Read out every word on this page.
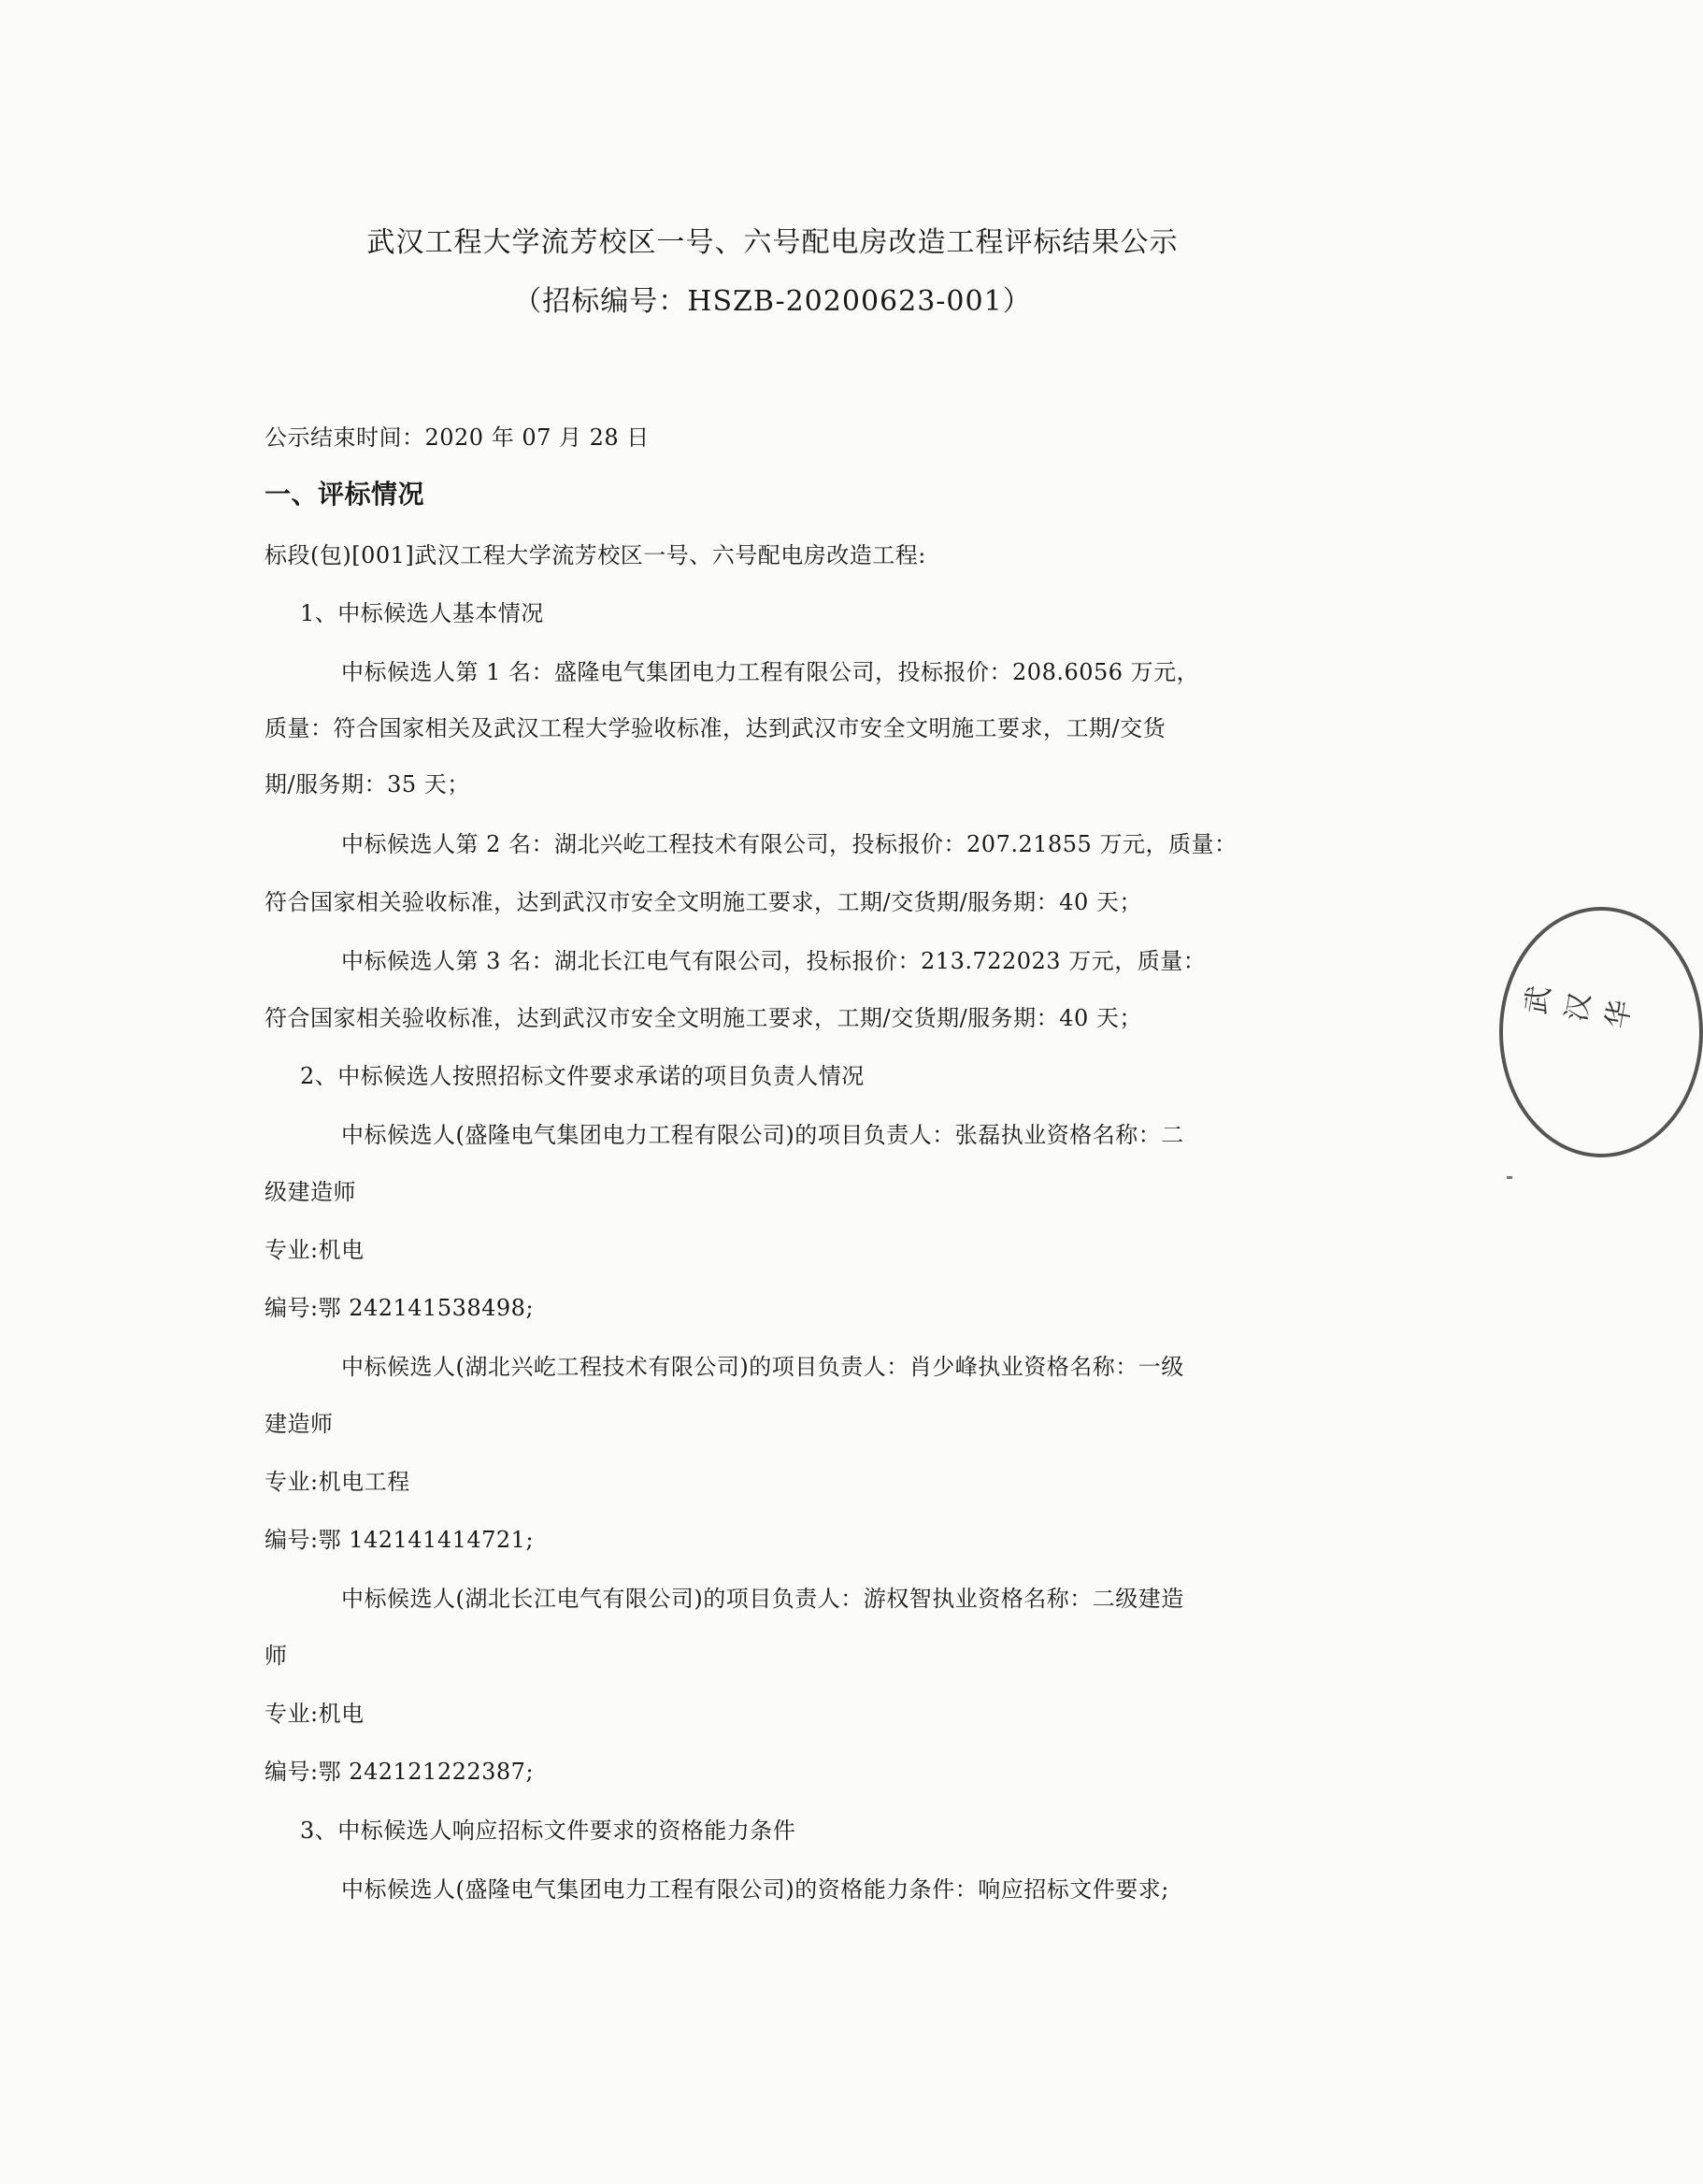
武汉工程大学流芳校区一号、六号配电房改造工程评标结果公示
（招标编号：HSZB-20200623-001）
公示结束时间：2020 年 07 月 28 日
一、评标情况
标段(包)[001]武汉工程大学流芳校区一号、六号配电房改造工程:
1、中标候选人基本情况
中标候选人第 1 名：盛隆电气集团电力工程有限公司，投标报价：208.6056 万元，
质量：符合国家相关及武汉工程大学验收标准，达到武汉市安全文明施工要求，工期/交货
期/服务期：35 天；
中标候选人第 2 名：湖北兴屹工程技术有限公司，投标报价：207.21855 万元，质量：
符合国家相关验收标准，达到武汉市安全文明施工要求，工期/交货期/服务期：40 天；
中标候选人第 3 名：湖北长江电气有限公司，投标报价：213.722023 万元，质量：
符合国家相关验收标准，达到武汉市安全文明施工要求，工期/交货期/服务期：40 天；
2、中标候选人按照招标文件要求承诺的项目负责人情况
中标候选人(盛隆电气集团电力工程有限公司)的项目负责人：张磊执业资格名称：二
级建造师
专业:机电
编号:鄂 242141538498;
中标候选人(湖北兴屹工程技术有限公司)的项目负责人：肖少峰执业资格名称：一级
建造师
专业:机电工程
编号:鄂 142141414721;
中标候选人(湖北长江电气有限公司)的项目负责人：游权智执业资格名称：二级建造
师
专业:机电
编号:鄂 242121222387;
3、中标候选人响应招标文件要求的资格能力条件
中标候选人(盛隆电气集团电力工程有限公司)的资格能力条件：响应招标文件要求;
武汉华
